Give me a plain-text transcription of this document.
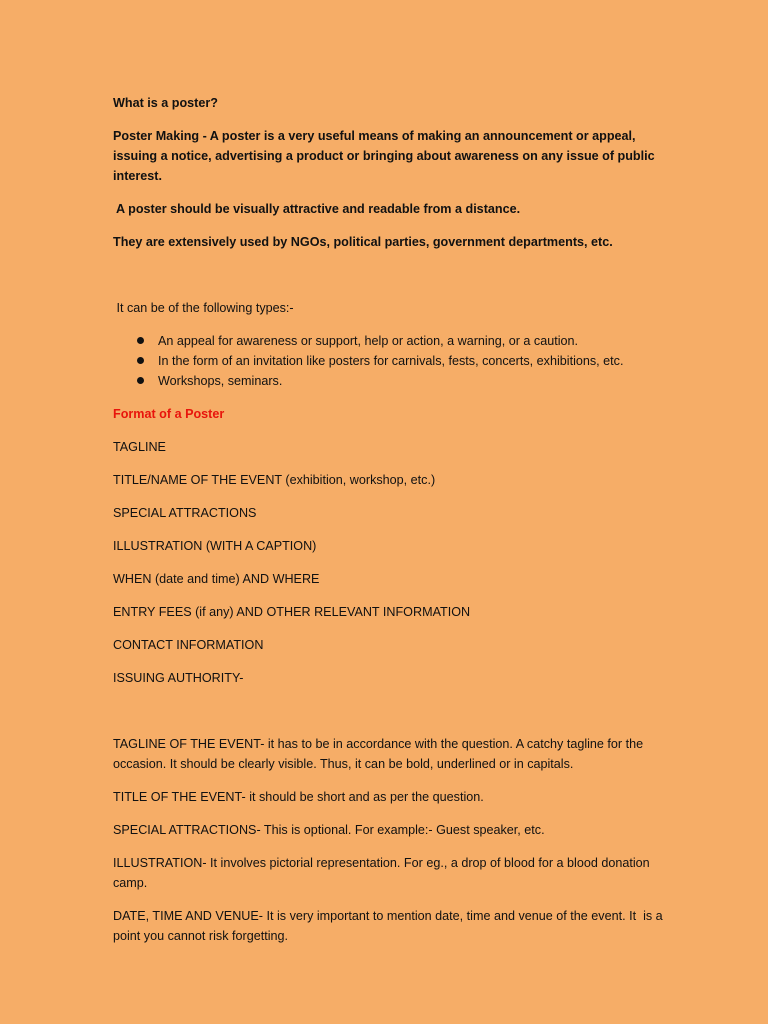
What is a poster?

Poster Making - A poster is a very useful means of making an announcement or appeal, issuing a notice, advertising a product or bringing about awareness on any issue of public interest.

A poster should be visually attractive and readable from a distance.

They are extensively used by NGOs, political parties, government departments, etc.

It can be of the following types:-

An appeal for awareness or support, help or action, a warning, or a caution.
In the form of an invitation like posters for carnivals, fests, concerts, exhibitions, etc.
Workshops, seminars.

Format of a Poster

TAGLINE

TITLE/NAME OF THE EVENT (exhibition, workshop, etc.)

SPECIAL ATTRACTIONS

ILLUSTRATION (WITH A CAPTION)

WHEN (date and time) AND WHERE

ENTRY FEES (if any) AND OTHER RELEVANT INFORMATION

CONTACT INFORMATION

ISSUING AUTHORITY-

TAGLINE OF THE EVENT- it has to be in accordance with the question. A catchy tagline for the occasion. It should be clearly visible. Thus, it can be bold, underlined or in capitals.

TITLE OF THE EVENT- it should be short and as per the question.

SPECIAL ATTRACTIONS- This is optional. For example:- Guest speaker, etc.

ILLUSTRATION- It involves pictorial representation. For eg., a drop of blood for a blood donation camp.

DATE, TIME AND VENUE- It is very important to mention date, time and venue of the event. It  is a point you cannot risk forgetting.
